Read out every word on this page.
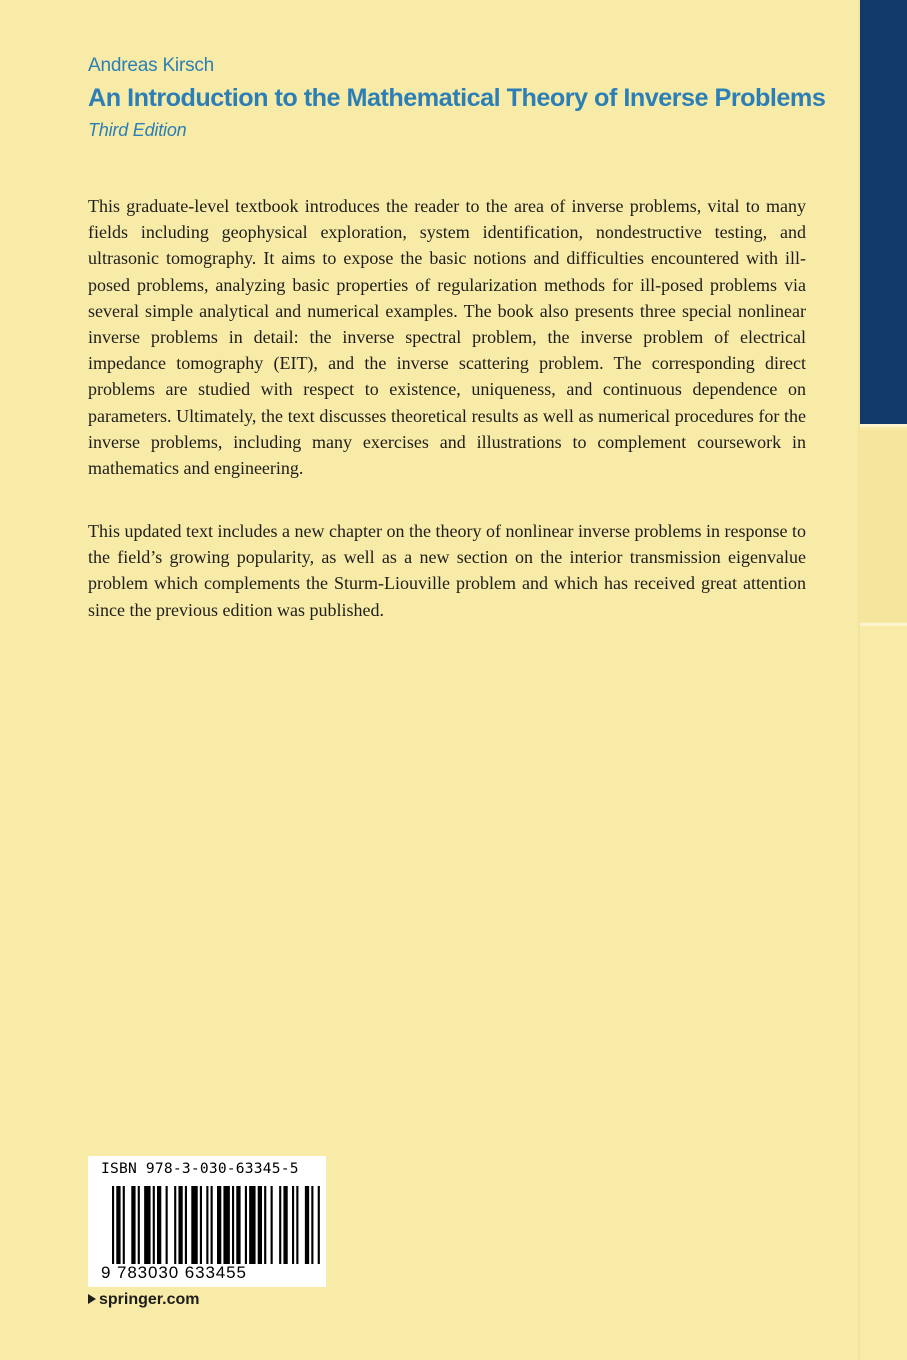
Andreas Kirsch
An Introduction to the Mathematical Theory of Inverse Problems
Third Edition

This graduate-level textbook introduces the reader to the area of inverse problems, vital to many fields including geophysical exploration, system identification, nondestructive testing, and ultrasonic tomography. It aims to expose the basic notions and difficulties encountered with ill-posed problems, analyzing basic properties of regularization methods for ill-posed problems via several simple analytical and numerical examples. The book also presents three special nonlinear inverse problems in detail: the inverse spectral problem, the inverse problem of electrical impedance tomography (EIT), and the inverse scattering problem. The corresponding direct problems are studied with respect to existence, uniqueness, and continuous dependence on parameters. Ultimately, the text discusses theoretical results as well as numerical procedures for the inverse problems, including many exercises and illustrations to complement coursework in mathematics and engineering.

This updated text includes a new chapter on the theory of nonlinear inverse problems in response to the field’s growing popularity, as well as a new section on the interior transmission eigenvalue problem which complements the Sturm-Liouville problem and which has received great attention since the previous edition was published.

ISBN 978-3-030-63345-5
9 783030 633455
springer.com
